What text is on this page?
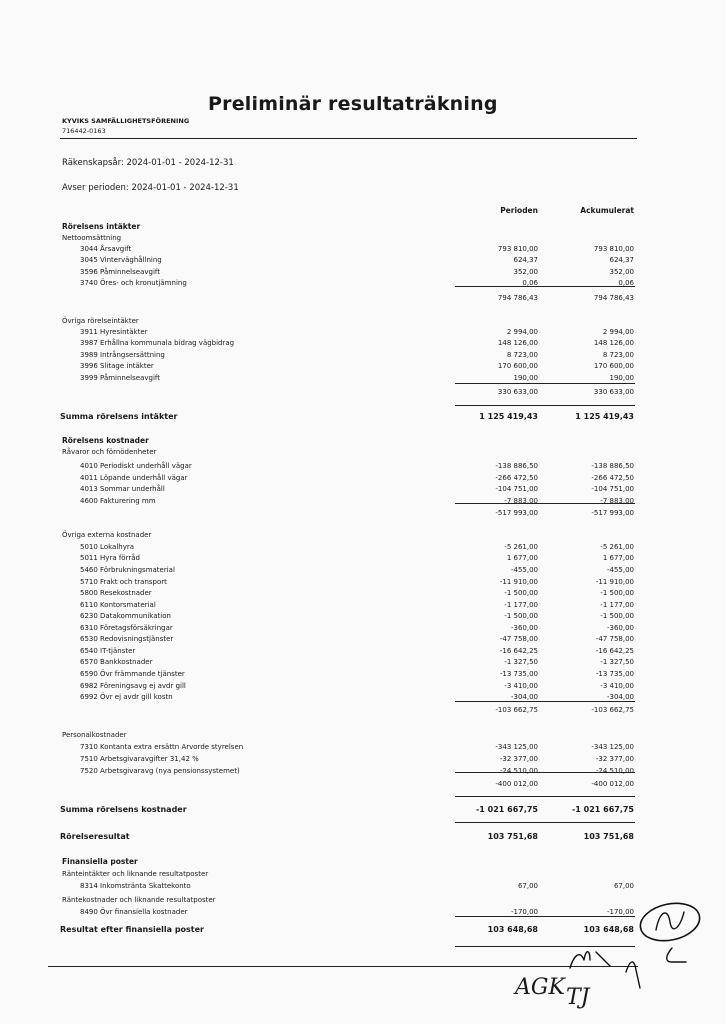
Preliminär resultaträkning
KYVIKS SAMFÄLLIGHETSFÖRENING
716442-0163
Räkenskapsår: 2024-01-01 - 2024-12-31
Avser perioden: 2024-01-01 - 2024-12-31
Perioden	Ackumulerat
Rörelsens intäkter
Nettoomsättning
3044 Årsavgift	793 810,00	793 810,00
3045 Vinterväghållning	624,37	624,37
3596 Påminnelseavgift	352,00	352,00
3740 Öres- och kronutjämning	0,06	0,06
794 786,43	794 786,43
Övriga rörelseintäkter
3911 Hyresintäkter	2 994,00	2 994,00
3987 Erhållna kommunala bidrag vägbidrag	148 126,00	148 126,00
3989 Intrångsersättning	8 723,00	8 723,00
3996 Slitage intäkter	170 600,00	170 600,00
3999 Påminnelseavgift	190,00	190,00
330 633,00	330 633,00
Summa rörelsens intäkter	1 125 419,43	1 125 419,43
Rörelsens kostnader
Råvaror och förnödenheter
4010 Periodiskt underhåll vägar	-138 886,50	-138 886,50
4011 Löpande underhåll vägar	-266 472,50	-266 472,50
4013 Sommar underhåll	-104 751,00	-104 751,00
4600 Fakturering mm	-7 883,00	-7 883,00
-517 993,00	-517 993,00
Övriga externa kostnader
5010 Lokalhyra	-5 261,00	-5 261,00
5011 Hyra förråd	1 677,00	1 677,00
5460 Förbrukningsmaterial	-455,00	-455,00
5710 Frakt och transport	-11 910,00	-11 910,00
5800 Resekostnader	-1 500,00	-1 500,00
6110 Kontorsmaterial	-1 177,00	-1 177,00
6230 Datakommunikation	-1 500,00	-1 500,00
6310 Företagsförsäkringar	-360,00	-360,00
6530 Redovisningstjänster	-47 758,00	-47 758,00
6540 IT-tjänster	-16 642,25	-16 642,25
6570 Bankkostnader	-1 327,50	-1 327,50
6590 Övr främmande tjänster	-13 735,00	-13 735,00
6982 Föreningsavg ej avdr gill	-3 410,00	-3 410,00
6992 Övr ej avdr gill kostn	-304,00	-304,00
-103 662,75	-103 662,75
Personalkostnader
7310 Kontanta extra ersättn Arvorde styrelsen	-343 125,00	-343 125,00
7510 Arbetsgivaravgifter 31,42 %	-32 377,00	-32 377,00
7520 Arbetsgivaravg (nya pensionssystemet)	-24 510,00	-24 510,00
-400 012,00	-400 012,00
Summa rörelsens kostnader	-1 021 667,75	-1 021 667,75
Rörelseresultat	103 751,68	103 751,68
Finansiella poster
Ränteintäkter och liknande resultatposter
8314 Inkomstränta Skattekonto	67,00	67,00
Räntekostnader och liknande resultatposter
8490 Övr finansiella kostnader	-170,00	-170,00
Resultat efter finansiella poster	103 648,68	103 648,68
AGK TJ
